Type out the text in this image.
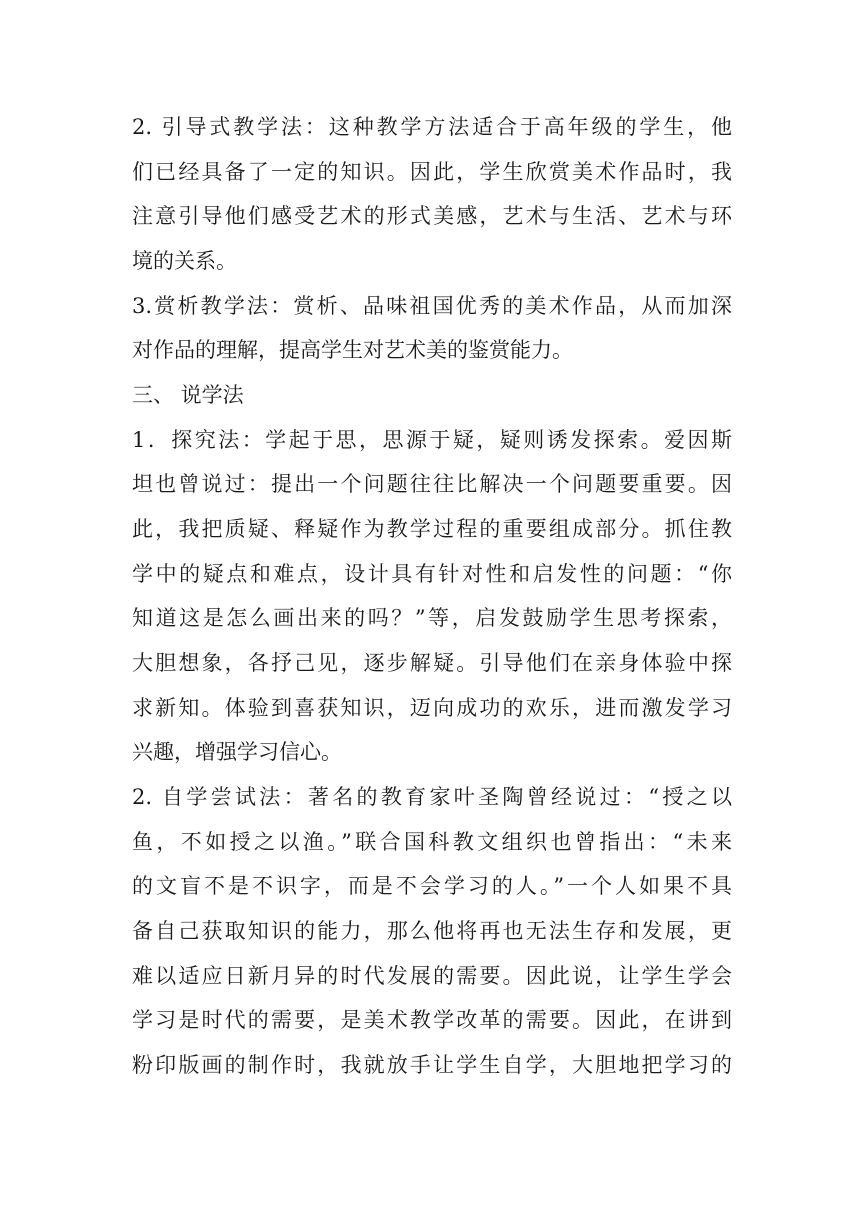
2. 引导式教学法：这种教学方法适合于高年级的学生，他
们已经具备了一定的知识。因此，学生欣赏美术作品时，我
注意引导他们感受艺术的形式美感，艺术与生活、艺术与环
境的关系。
3.赏析教学法：赏析、品味祖国优秀的美术作品，从而加深
对作品的理解，提高学生对艺术美的鉴赏能力。
三、 说学法
1．探究法：学起于思，思源于疑，疑则诱发探索。爱因斯
坦也曾说过：提出一个问题往往比解决一个问题要重要。因
此，我把质疑、释疑作为教学过程的重要组成部分。抓住教
学中的疑点和难点，设计具有针对性和启发性的问题：“你
知道这是怎么画出来的吗？”等，启发鼓励学生思考探索，
大胆想象，各抒己见，逐步解疑。引导他们在亲身体验中探
求新知。体验到喜获知识，迈向成功的欢乐，进而激发学习
兴趣，增强学习信心。
2. 自学尝试法：著名的教育家叶圣陶曾经说过：“授之以
鱼，不如授之以渔。”联合国科教文组织也曾指出：“未来
的文盲不是不识字，而是不会学习的人。”一个人如果不具
备自己获取知识的能力，那么他将再也无法生存和发展，更
难以适应日新月异的时代发展的需要。因此说，让学生学会
学习是时代的需要，是美术教学改革的需要。因此，在讲到
粉印版画的制作时，我就放手让学生自学，大胆地把学习的
